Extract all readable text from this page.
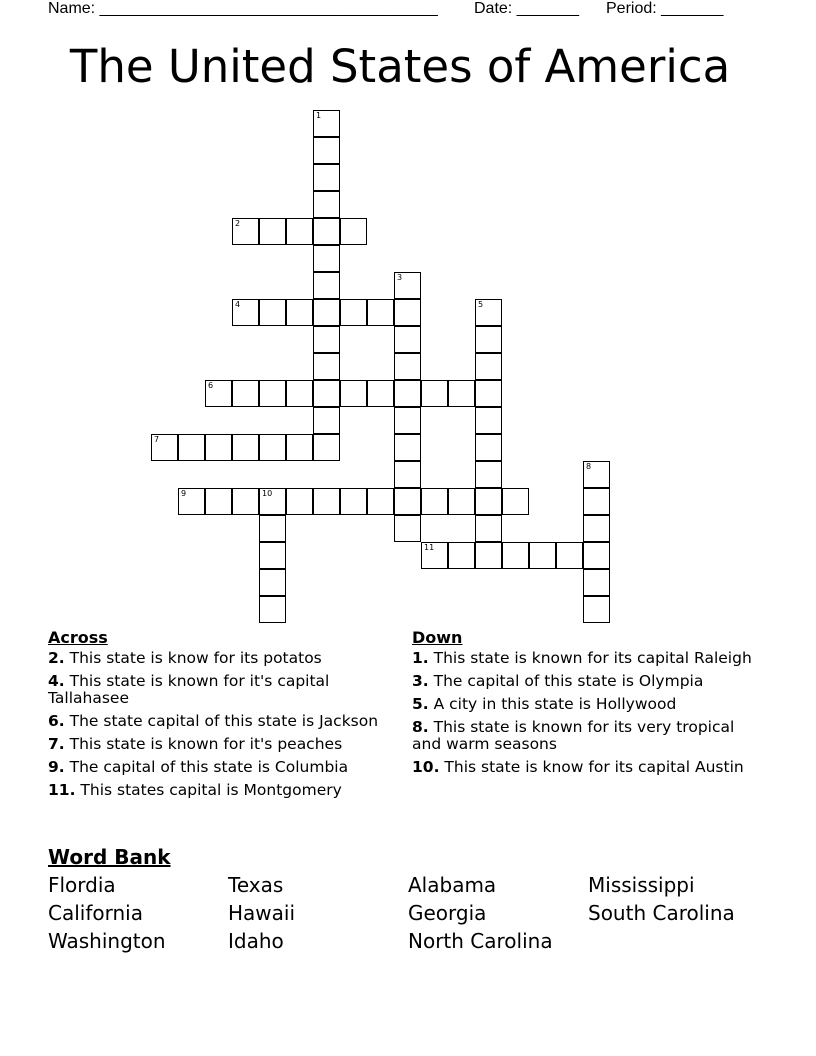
Name: ______________________________________ Date: _______ Period: _______
The United States of America
1
2
3
4	5
6
7
8
9	10
11
Across
2. This state is know for its potatos
4. This state is known for it's capital Tallahasee
6. The state capital of this state is Jackson
7. This state is known for it's peaches
9. The capital of this state is Columbia
11. This states capital is Montgomery
Down
1. This state is known for its capital Raleigh
3. The capital of this state is Olympia
5. A city in this state is Hollywood
8. This state is known for its very tropical and warm seasons
10. This state is know for its capital Austin
Word Bank
Flordia	Texas	Alabama	Mississippi
California	Hawaii	Georgia	South Carolina
Washington	Idaho	North Carolina
